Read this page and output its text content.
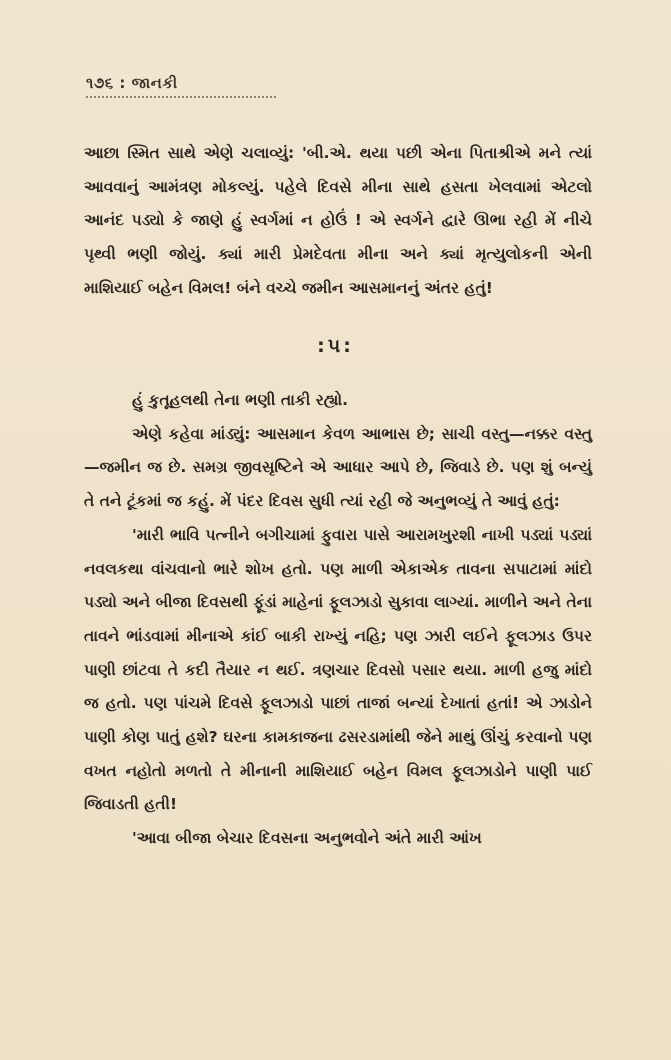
૧૭૬ : જાનકી

આછા સ્મિત સાથે એણે ચલાવ્યું: 'બી.એ. થયા પછી એના પિતાશ્રીએ મને ત્યાં આવવાનું આમંત્રણ મોકલ્યું. પહેલે દિવસે મીના સાથે હસતા ખેલવામાં એટલો આનંદ પડ્યો કે જાણે હું સ્વર્ગમાં ન હોઉં ! એ સ્વર્ગને દ્વારે ઊભા રહી મેં નીચે પૃથ્વી ભણી જોયું. ક્યાં મારી પ્રેમદેવતા મીના અને ક્યાં મૃત્યુલોકની એની માશિયાઈ બહેન વિમલ! બંને વચ્ચે જમીન આસમાનનું અંતર હતું!

:૫:

હું કુતૂહલથી તેના ભણી તાકી રહ્યો.

એણે કહેવા માંડ્યું: આસમાન કેવળ આભાસ છે; સાચી વસ્તુ—નક્કર વસ્તુ—જમીન જ છે. સમગ્ર જીવસૃષ્ટિને એ આધાર આપે છે, જિવાડે છે. પણ શું બન્યું તે તને ટૂંકમાં જ કહું. મેં પંદર દિવસ સુધી ત્યાં રહી જે અનુભવ્યું તે આવું હતું:

'મારી ભાવિ પત્નીને બગીચામાં ફુવારા પાસે આરામખુરશી નાખી પડ્યાં પડ્યાં નવલકથા વાંચવાનો ભારે શોખ હતો. પણ માળી એકાએક તાવના સપાટામાં માંદો પડ્યો અને બીજા દિવસથી ફૂંડાં માહેનાં ફૂલઝાડો સુકાવા લાગ્યાં. માળીને અને તેના તાવને ભાંડવામાં મીનાએ કાંઈ બાકી રાખ્યું નહિ; પણ ઝારી લઈને ફૂલઝાડ ઉપર પાણી છાંટવા તે કદી તૈયાર ન થઈ. ત્રણચાર દિવસો પસાર થયા. માળી હજુ માંદો જ હતો. પણ પાંચમે દિવસે ફૂલઝાડો પાછાં તાજાં બન્યાં દેખાતાં હતાં! એ ઝાડોને પાણી કોણ પાતું હશે? ઘરના કામકાજના ઢસરડામાંથી જેને માથું ઊંચું કરવાનો પણ વખત નહોતો મળતો તે મીનાની માશિયાઈ બહેન વિમલ ફૂલઝાડોને પાણી પાઈ જિવાડતી હતી!

'આવા બીજા બેચાર દિવસના અનુભવોને અંતે મારી આંખ
